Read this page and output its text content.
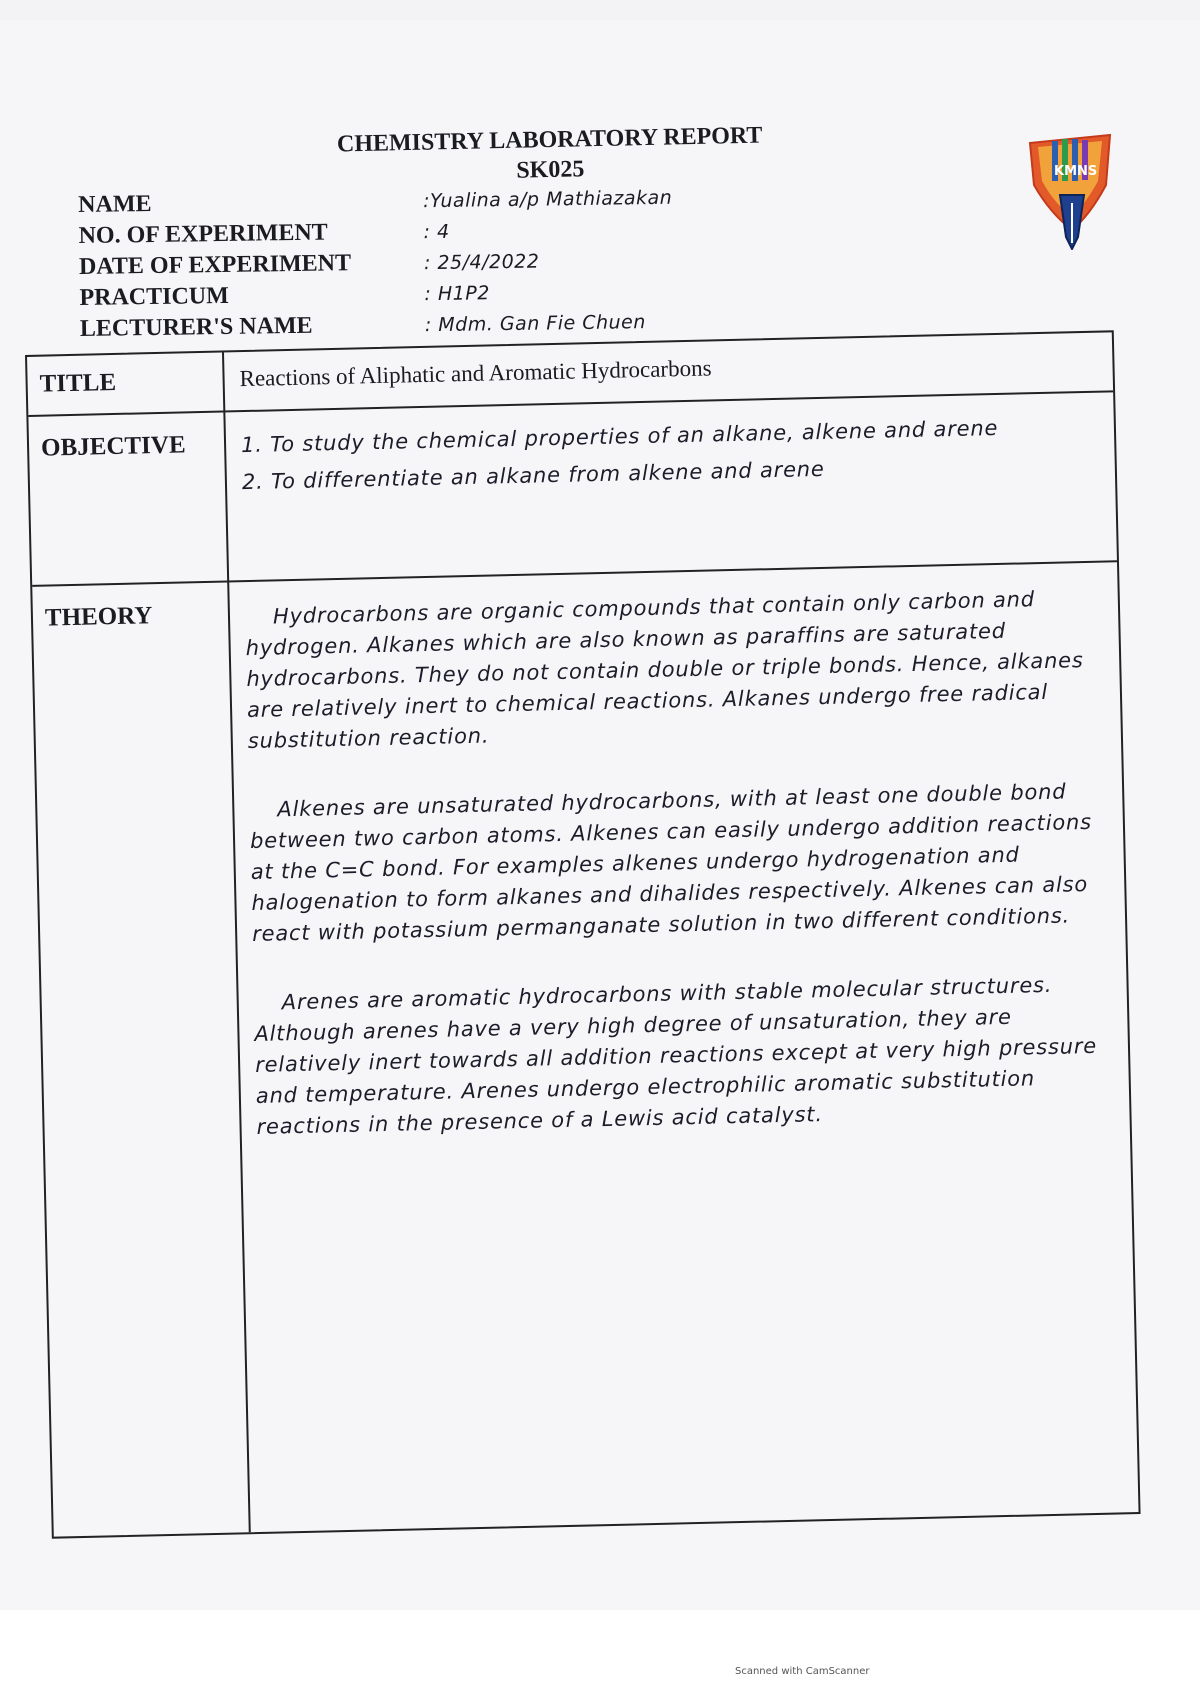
CHEMISTRY LABORATORY REPORT
SK025	KMNS
NAME	:Yualina a/p Mathiazakan
NO. OF EXPERIMENT	: 4
DATE OF EXPERIMENT	: 25/4/2022
PRACTICUM	: H1P2
LECTURER'S NAME	: Mdm. Gan Fie Chuen
TITLE	Reactions of Aliphatic and Aromatic Hydrocarbons
OBJECTIVE	1. To study the chemical properties of an alkane, alkene and arene
2. To differentiate an alkane from alkene and arene
THEORY	Hydrocarbons are organic compounds that contain only carbon and hydrogen. Alkanes which are also known as paraffins are saturated hydrocarbons. They do not contain double or triple bonds. Hence, alkanes are relatively inert to chemical reactions. Alkanes undergo free radical substitution reaction.

Alkenes are unsaturated hydrocarbons, with at least one double bond between two carbon atoms. Alkenes can easily undergo addition reactions at the C=C bond. For examples alkenes undergo hydrogenation and halogenation to form alkanes and dihalides respectively. Alkenes can also react with potassium permanganate solution in two different conditions.

Arenes are aromatic hydrocarbons with stable molecular structures. Although arenes have a very high degree of unsaturation, they are relatively inert towards all addition reactions except at very high pressure and temperature. Arenes undergo electrophilic aromatic substitution reactions in the presence of a Lewis acid catalyst.

Scanned with CamScanner
